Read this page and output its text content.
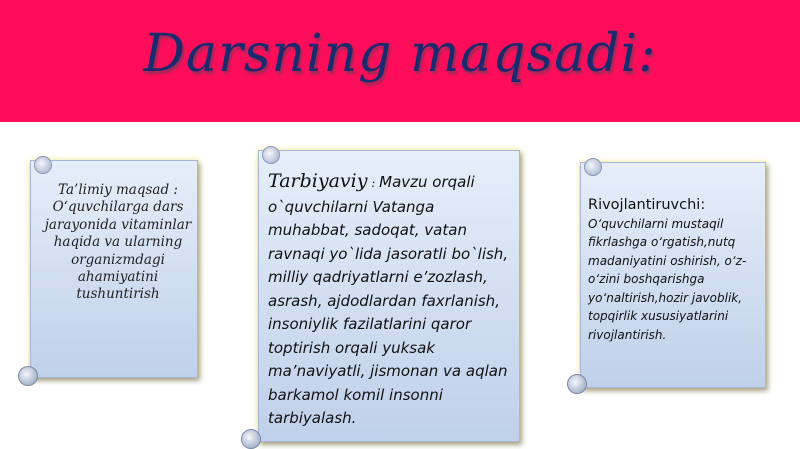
Darsning maqsadi:
Ta’limiy maqsad : O‘quvchilarga dars jarayonida vitaminlar haqida va ularning organizmdagi ahamiyatini tushuntirish
Tarbiyaviy : Mavzu orqali o`quvchilarni Vatanga muhabbat, sadoqat, vatan ravnaqi yo`lida jasoratli bo`lish, milliy qadriyatlarni e’zozlash, asrash, ajdodlardan faxrlanish, insoniylik fazilatlarini qaror toptirish orqali yuksak ma’naviyatli, jismonan va aqlan barkamol komil insonni tarbiyalash.
Rivojlantiruvchi:
O‘quvchilarni mustaqil fikrlashga o‘rgatish,nutq madaniyatini oshirish, o‘z-o‘zini boshqarishga yo‘naltirish,hozir javoblik, topqirlik xususiyatlarini rivojlantirish.
